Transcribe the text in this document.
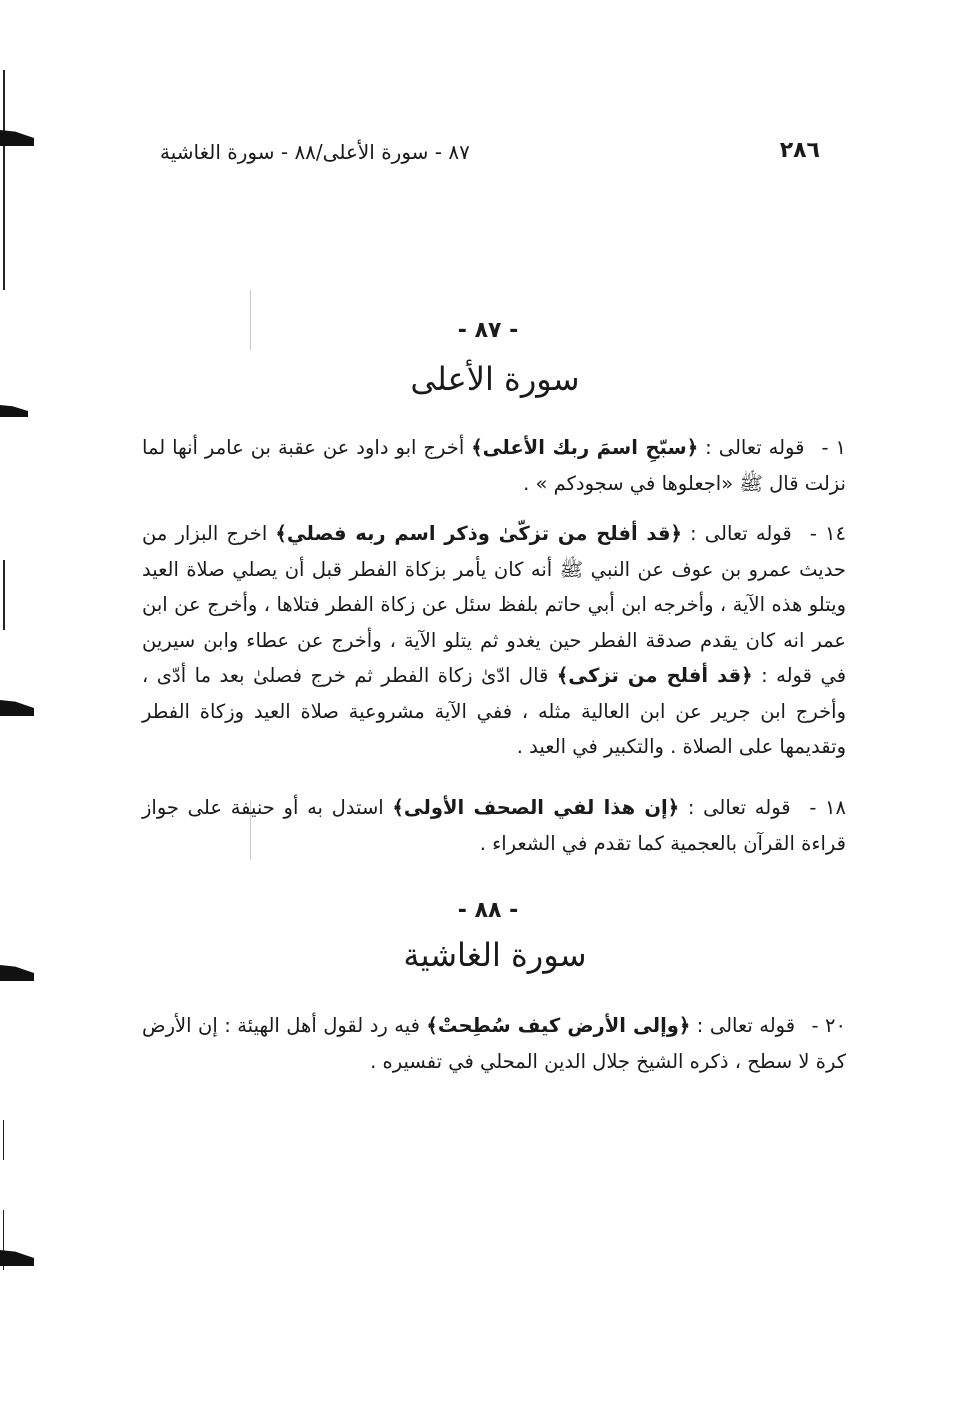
٢٨٦
٨٧ - سورة الأعلى/٨٨ - سورة الغاشية
- ٨٧ -
سورة الأعلى
١ - قوله تعالى : ﴿سبّحِ اسمَ ربك الأعلى﴾ أخرج ابو داود عن عقبة بن عامر أنها لما نزلت قال ﷺ «اجعلوها في سجودكم » .
١٤ - قوله تعالى : ﴿قد أفلح من تزكّىٰ وذكر اسم ربه فصلي﴾ اخرج البزار من حديث عمرو بن عوف عن النبي ﷺ أنه كان يأمر بزكاة الفطر قبل أن يصلي صلاة العيد ويتلو هذه الآية ، وأخرجه ابن أبي حاتم بلفظ سئل عن زكاة الفطر فتلاها ، وأخرج عن ابن عمر انه كان يقدم صدقة الفطر حين يغدو ثم يتلو الآية ، وأخرج عن عطاء وابن سيرين في قوله : ﴿قد أفلح من تزكى﴾ قال ادّىٰ زكاة الفطر ثم خرج فصلىٰ بعد ما أدّى ، وأخرج ابن جرير عن ابن العالية مثله ، ففي الآية مشروعية صلاة العيد وزكاة الفطر وتقديمها على الصلاة . والتكبير في العيد .
١٨ - قوله تعالى : ﴿إن هذا لفي الصحف الأولى﴾ استدل به أو حنيفة على جواز قراءة القرآن بالعجمية كما تقدم في الشعراء .
- ٨٨ -
سورة الغاشية
٢٠ - قوله تعالى : ﴿وإلى الأرض كيف سُطِحتْ﴾ فيه رد لقول أهل الهيئة : إن الأرض كرة لا سطح ، ذكره الشيخ جلال الدين المحلي في تفسيره .
